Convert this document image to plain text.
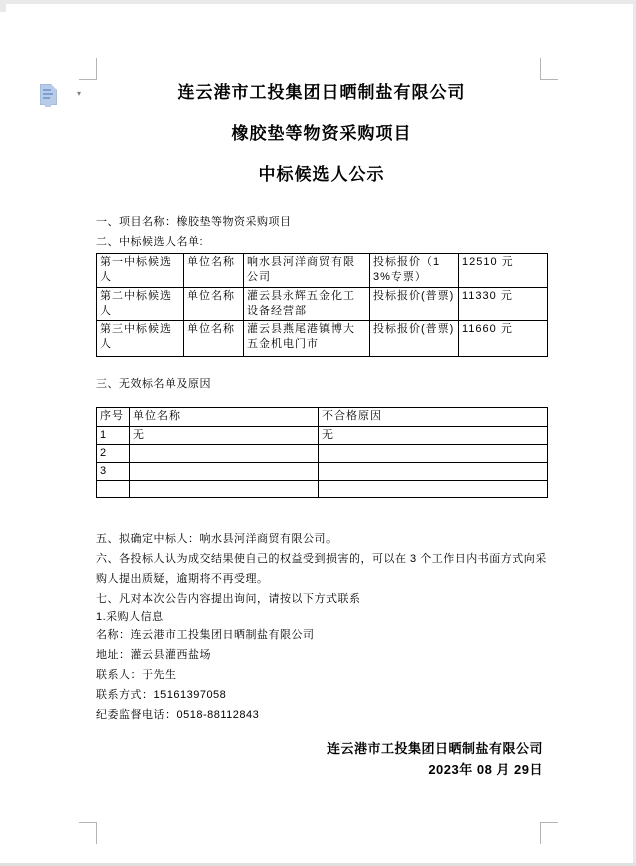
▾	连云港市工投集团日晒制盐有限公司
橡胶垫等物资采购项目
中标候选人公示
一、项目名称：橡胶垫等物资采购项目
二、中标候选人名单:
第一中标候选人	单位名称	响水县河洋商贸有限公司	投标报价（13%专票）	12510 元
第二中标候选人	单位名称	灌云县永辉五金化工设备经营部	投标报价(普票)	11330 元
第三中标候选人	单位名称	灌云县燕尾港镇博大五金机电门市	投标报价(普票)	11660 元
三、无效标名单及原因
序号	单位名称	不合格原因
1	无	无
2		
3		

五、拟确定中标人：响水县河洋商贸有限公司。
六、各投标人认为成交结果使自己的权益受到损害的，可以在 3 个工作日内书面方式向采购人提出质疑，逾期将不再受理。
七、凡对本次公告内容提出询问，请按以下方式联系
1.采购人信息
名称：连云港市工投集团日晒制盐有限公司
地址：灌云县灌西盐场
联系人：于先生
联系方式：15161397058
纪委监督电话：0518-88112843
连云港市工投集团日晒制盐有限公司
2023年 08 月 29日
